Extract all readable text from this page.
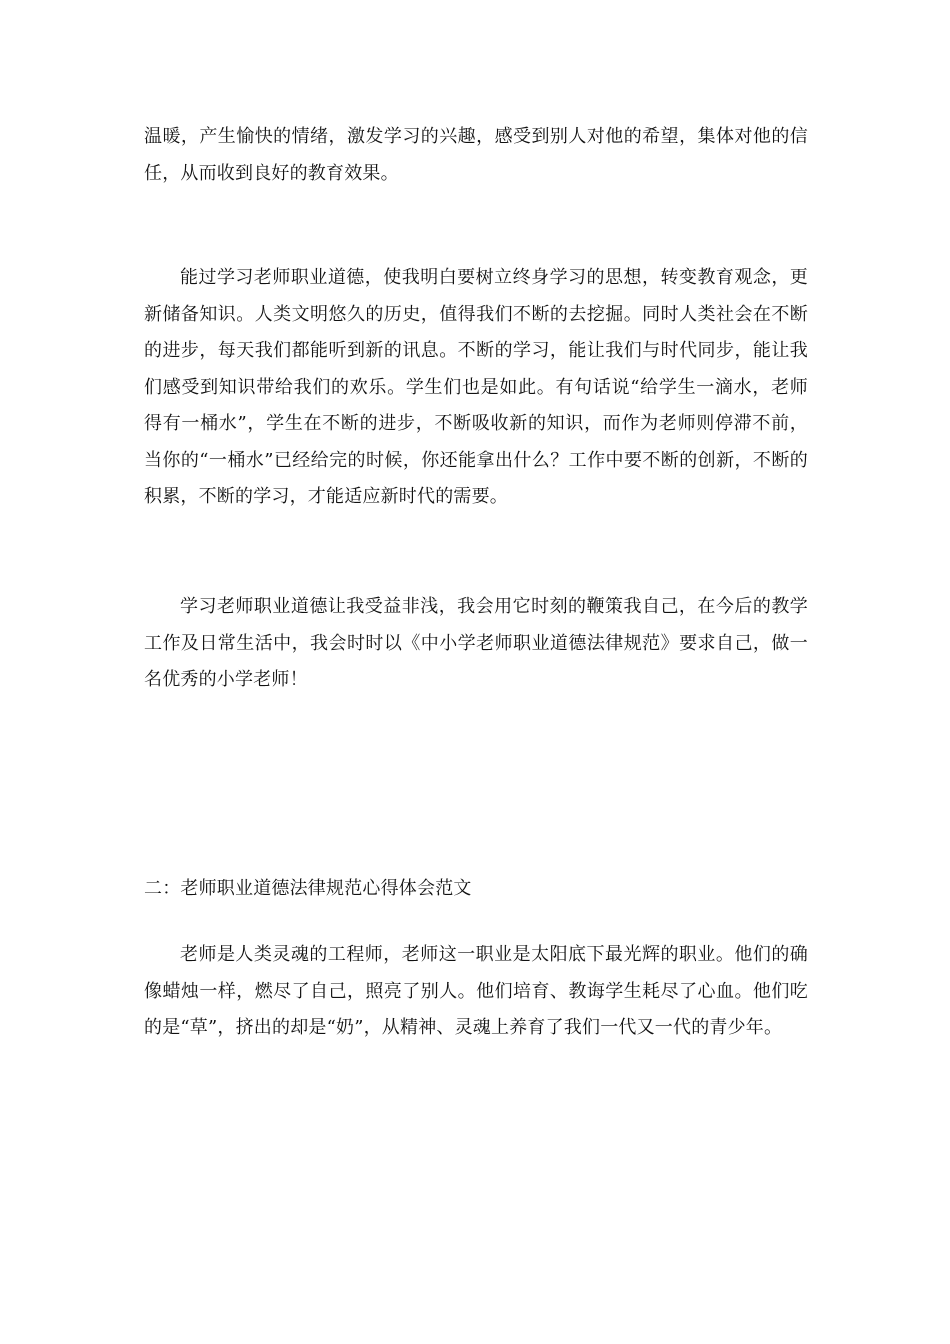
温暖，产生愉快的情绪，激发学习的兴趣，感受到别人对他的希望，集体对他的信任，从而收到良好的教育效果。

能过学习老师职业道德，使我明白要树立终身学习的思想，转变教育观念，更新储备知识。人类文明悠久的历史，值得我们不断的去挖掘。同时人类社会在不断的进步，每天我们都能听到新的讯息。不断的学习，能让我们与时代同步，能让我们感受到知识带给我们的欢乐。学生们也是如此。有句话说“给学生一滴水，老师得有一桶水”，学生在不断的进步，不断吸收新的知识，而作为老师则停滞不前，当你的“一桶水”已经给完的时候，你还能拿出什么？工作中要不断的创新，不断的积累，不断的学习，才能适应新时代的需要。

学习老师职业道德让我受益非浅，我会用它时刻的鞭策我自己，在今后的教学工作及日常生活中，我会时时以《中小学老师职业道德法律规范》要求自己，做一名优秀的小学老师！

二：老师职业道德法律规范心得体会范文

老师是人类灵魂的工程师，老师这一职业是太阳底下最光辉的职业。他们的确像蜡烛一样，燃尽了自己，照亮了别人。他们培育、教诲学生耗尽了心血。他们吃的是“草”，挤出的却是“奶”，从精神、灵魂上养育了我们一代又一代的青少年。
